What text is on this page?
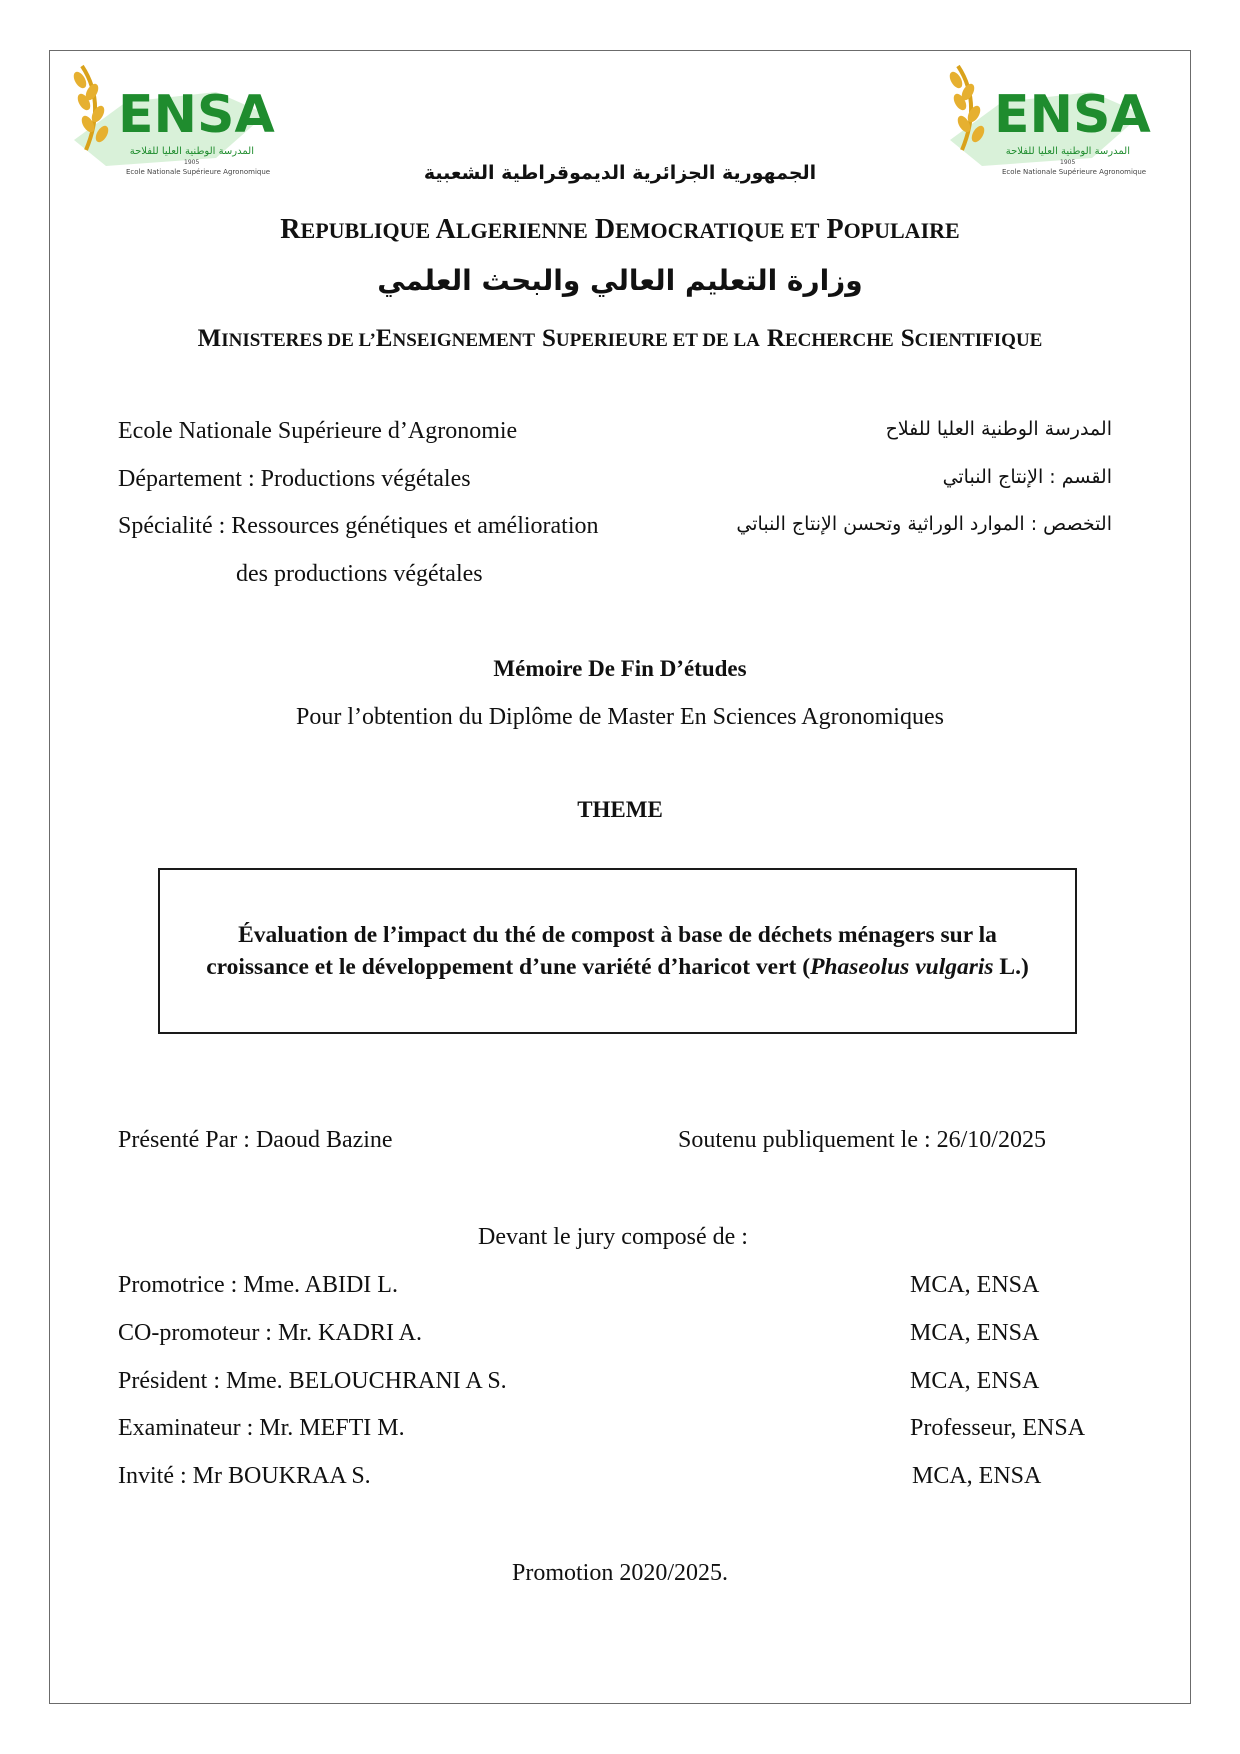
ENSA
المدرسة الوطنية العليا للفلاحة
1905
Ecole Nationale Supérieure Agronomique
ENSA
المدرسة الوطنية العليا للفلاحة
1905
Ecole Nationale Supérieure Agronomique
الجمهورية الجزائرية الديموقراطية الشعبية
REPUBLIQUE ALGERIENNE DEMOCRATIQUE ET POPULAIRE
وزارة التعليم العالي والبحث العلمي
MINISTERES DE L’ENSEIGNEMENT SUPERIEURE ET DE LA RECHERCHE SCIENTIFIQUE
Ecole Nationale Supérieure d’Agronomie	المدرسة الوطنية العليا للفلاح
Département : Productions végétales	القسم : الإنتاج النباتي
Spécialité : Ressources génétiques et amélioration	التخصص : الموارد الوراثية وتحسن الإنتاج النباتي
des productions végétales
Mémoire De Fin D’études
Pour l’obtention du Diplôme de Master En Sciences Agronomiques
THEME

Évaluation de l’impact du thé de compost à base de déchets ménagers sur la
croissance et le développement d’une variété d’haricot vert (Phaseolus vulgaris L.)

Présenté Par : Daoud Bazine	Soutenu publiquement le : 26/10/2025
Devant le jury composé de :
Promotrice : Mme. ABIDI L.	MCA, ENSA
CO-promoteur : Mr. KADRI A.	MCA, ENSA
Président : Mme. BELOUCHRANI A S.	MCA, ENSA
Examinateur : Mr. MEFTI M.	Professeur, ENSA
Invité : Mr BOUKRAA S.	MCA, ENSA
Promotion 2020/2025.
